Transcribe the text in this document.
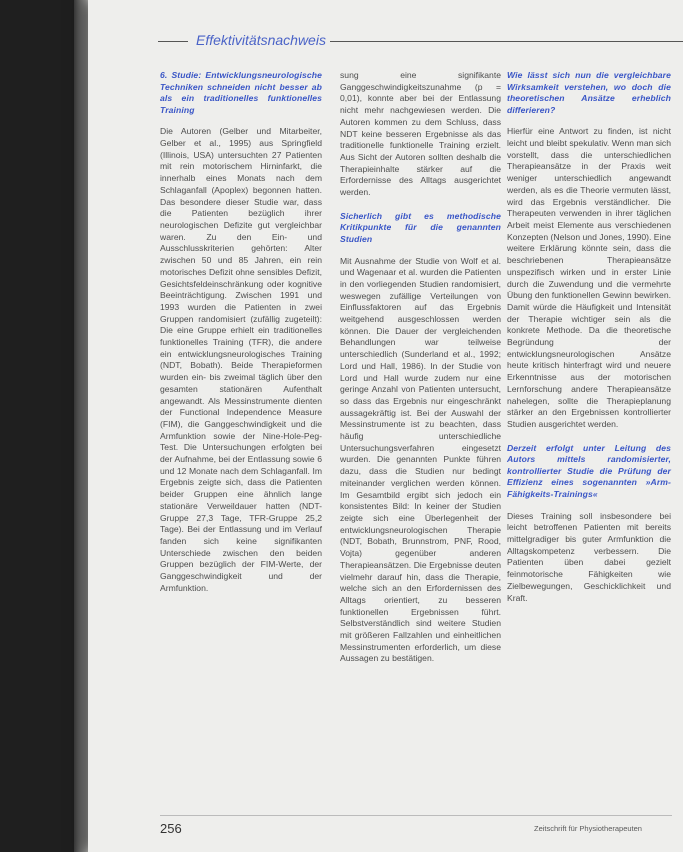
Effektivitätsnachweis

6. Studie: Entwicklungsneurologische Techniken schneiden nicht besser ab als ein traditionelles funktionelles Training

Die Autoren (Gelber und Mitarbeiter, Gelber et al., 1995) aus Springfield (Illinois, USA) untersuchten 27 Patienten mit rein motorischem Hirninfarkt, die innerhalb eines Monats nach dem Schlaganfall (Apoplex) begonnen hatten. Das besondere dieser Studie war, dass die Patienten bezüglich ihrer neurologischen Defizite gut vergleichbar waren. Zu den Ein- und Ausschlusskriterien gehörten: Alter zwischen 50 und 85 Jahren, ein rein motorisches Defizit ohne sensibles Defizit, Gesichtsfeldeinschränkung oder kognitive Beeinträchtigung. Zwischen 1991 und 1993 wurden die Patienten in zwei Gruppen randomisiert (zufällig zugeteilt): Die eine Gruppe erhielt ein traditionelles funktionelles Training (TFR), die andere ein entwicklungsneurologisches Training (NDT, Bobath). Beide Therapieformen wurden ein- bis zweimal täglich über den gesamten stationären Aufenthalt angewandt. Als Messinstrumente dienten der Functional Independence Measure (FIM), die Ganggeschwindigkeit und die Armfunktion sowie der Nine-Hole-Peg-Test. Die Untersuchungen erfolgten bei der Aufnahme, bei der Entlassung sowie 6 und 12 Monate nach dem Schlaganfall. Im Ergebnis zeigte sich, dass die Patienten beider Gruppen eine ähnlich lange stationäre Verweildauer hatten (NDT-Gruppe 27,3 Tage, TFR-Gruppe 25,2 Tage). Bei der Entlassung und im Verlauf fanden sich keine signifikanten Unterschiede zwischen den beiden Gruppen bezüglich der FIM-Werte, der Ganggeschwindigkeit und der Armfunktion.

sung eine signifikante Ganggeschwindigkeitszunahme (p = 0,01), konnte aber bei der Entlassung nicht mehr nachgewiesen werden. Die Autoren kommen zu dem Schluss, dass NDT keine besseren Ergebnisse als das traditionelle funktionelle Training erzielt. Aus Sicht der Autoren sollten deshalb die Therapieinhalte stärker auf die Erfordernisse des Alltags ausgerichtet werden.

Sicherlich gibt es methodische Kritikpunkte für die genannten Studien

Mit Ausnahme der Studie von Wolf et al. und Wagenaar et al. wurden die Patienten in den vorliegenden Studien randomisiert, weswegen zufällige Verteilungen von Einflussfaktoren auf das Ergebnis weitgehend ausgeschlossen werden können. Die Dauer der vergleichenden Behandlungen war teilweise unterschiedlich (Sunderland et al., 1992; Lord und Hall, 1986). In der Studie von Lord und Hall wurde zudem nur eine geringe Anzahl von Patienten untersucht, so dass das Ergebnis nur eingeschränkt aussagekräftig ist. Bei der Auswahl der Messinstrumente ist zu beachten, dass häufig unterschiedliche Untersuchungsverfahren eingesetzt wurden. Die genannten Punkte führen dazu, dass die Studien nur bedingt miteinander verglichen werden können. Im Gesamtbild ergibt sich jedoch ein konsistentes Bild: In keiner der Studien zeigte sich eine Überlegenheit der entwicklungsneurologischen Therapie (NDT, Bobath, Brunnstrom, PNF, Rood, Vojta) gegenüber anderen Therapieansätzen. Die Ergebnisse deuten vielmehr darauf hin, dass die Therapie, welche sich an den Erfordernissen des Alltags orientiert, zu besseren funktionellen Ergebnissen führt. Selbstverständlich sind weitere Studien mit größeren Fallzahlen und einheitlichen Messinstrumenten erforderlich, um diese Aussagen zu bestätigen.

Wie lässt sich nun die vergleichbare Wirksamkeit verstehen, wo doch die theoretischen Ansätze erheblich differieren?

Hierfür eine Antwort zu finden, ist nicht leicht und bleibt spekulativ. Wenn man sich vorstellt, dass die unterschiedlichen Therapieansätze in der Praxis weit weniger unterschiedlich angewandt werden, als es die Theorie vermuten lässt, wird das Ergebnis verständlicher. Die Therapeuten verwenden in ihrer täglichen Arbeit meist Elemente aus verschiedenen Konzepten (Nelson und Jones, 1990). Eine weitere Erklärung könnte sein, dass die beschriebenen Therapieansätze unspezifisch wirken und in erster Linie durch die Zuwendung und die vermehrte Übung den funktionellen Gewinn bewirken. Damit würde die Häufigkeit und Intensität der Therapie wichtiger sein als die konkrete Methode. Da die theoretische Begründung der entwicklungsneurologischen Ansätze heute kritisch hinterfragt wird und neuere Erkenntnisse aus der motorischen Lernforschung andere Therapieansätze nahelegen, sollte die Therapieplanung stärker an den Ergebnissen kontrollierter Studien ausgerichtet werden.

Derzeit erfolgt unter Leitung des Autors mittels randomisierter, kontrollierter Studie die Prüfung der Effizienz eines sogenannten »Arm-Fähigkeits-Trainings«

Dieses Training soll insbesondere bei leicht betroffenen Patienten mit bereits mittelgradiger bis guter Armfunktion die Alltagskompetenz verbessern. Die Patienten üben dabei gezielt feinmotorische Fähigkeiten wie Zielbewegungen, Geschicklichkeit und Kraft.

256	Zeitschrift für Physiotherapeuten
